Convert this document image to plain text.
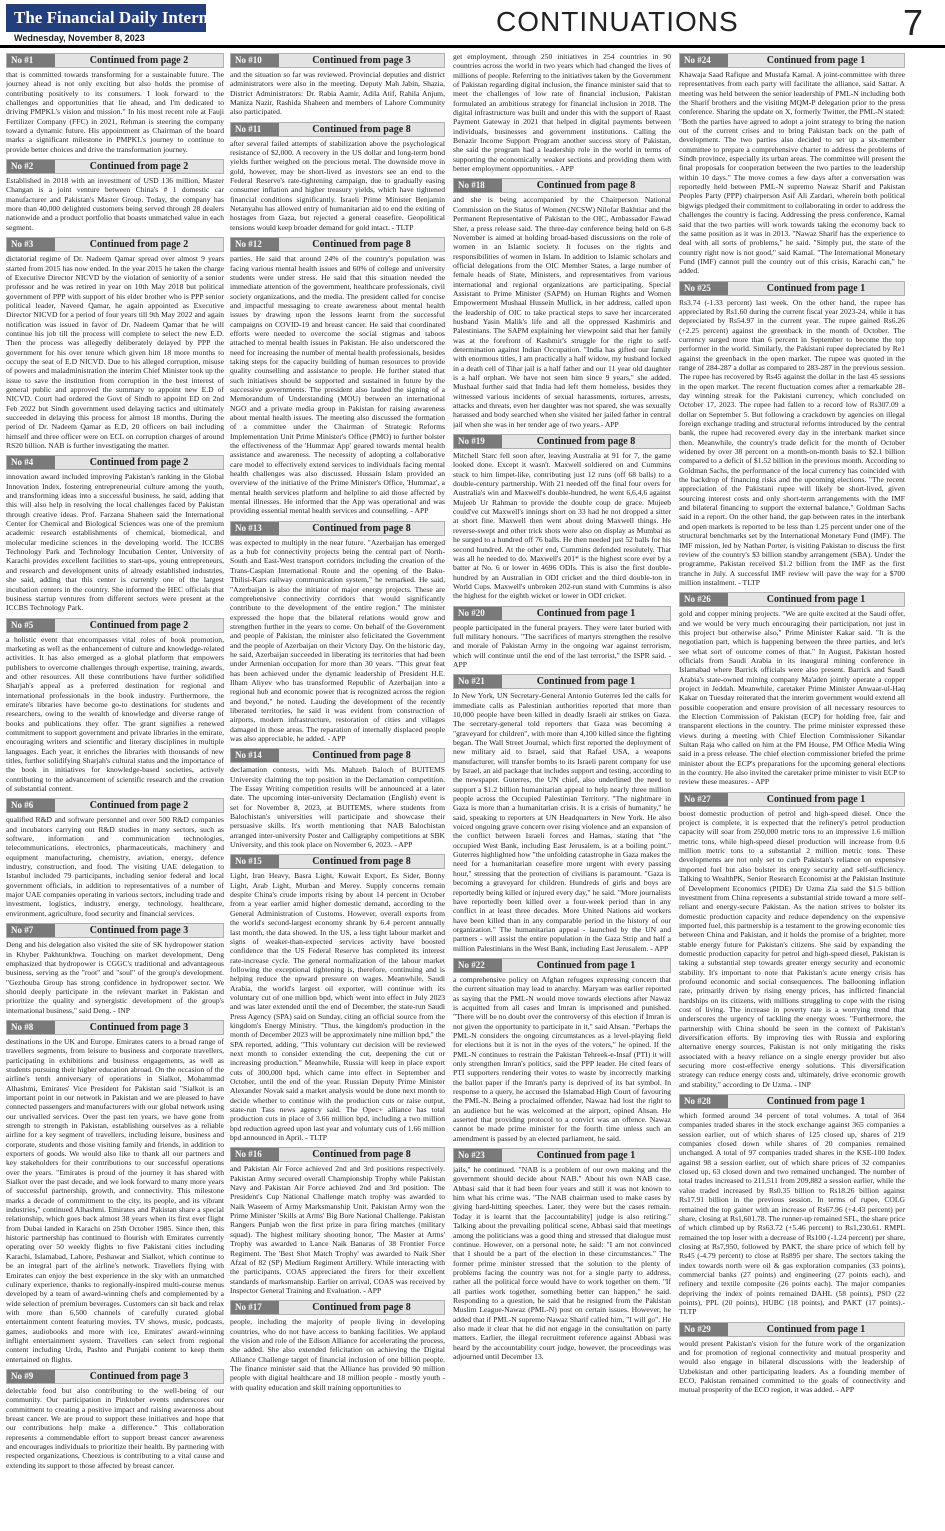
The Financial Daily International
Wednesday, November 8, 2023
CONTINUATIONS	7
No #1	Continued from page 2

that is committed towards transforming for a sustainable future. The journey ahead is not only exciting but also holds the promise of contributing positively to its consumers. I look forward to the challenges and opportunities that lie ahead, and I'm dedicated to driving PMPKL's vision and mission." In his most recent role at Fauji Fertilizer Company (FFC) in 2021, Rehman is steering the company toward a dynamic future. His appointment as Chairman of the board marks a significant milestone in PMPKL's journey to continue to provide better choices and drive the transformation journey.

No #2	Continued from page 2

Established in 2018 with an investment of USD 136 million, Master Changan is a joint venture between China's # 1 domestic car manufacturer and Pakistan's Master Group. Today, the company has more than 40,000 delighted customers being served through 28 dealers nationwide and a product portfolio that boasts unmatched value in each segment.

No #3	Continued from page 2

dictatorial regime of Dr. Nadeem Qamar spread over almost 9 years started from 2015 has now ended. In the year 2015 he taken the charge of Executive Director NICVD by the violation of seniority of a senior professor and he was retired in year on 10th May 2018 but political government of PPP with support of his elder brother who is PPP senior political leader, Naveed Qamar, he again appointed as Executive Director NICVD for a period of four years till 9th May 2022 and again notification was issued in favor of Dr. Nadeem Qamar that he will continue his job till the process will complete to select the new E.D. Then the process was allegedly deliberately delayed by PPP the government for his over tenure which given him 18 more months to occupy the seat of E.D NICVD. Due to his alleged corruption, misuse of powers and maladministration the interim Chief Minister took up the issue to save the institution from corruption in the best interest of general public and approved the summary to appoint new E.D of NICVD. Court had ordered the Govt of Sindh to appoint ED on 2nd Feb 2022 but Sindh government used delaying tactics and ultimately succeeded in delaying this process for almost 18 months. During the period of Dr. Nadeem Qamar as E.D, 20 officers on bail including himself and three officer were on ECL on corruption charges of around RS20 billion. NAB is further investigating the matter.

No #4	Continued from page 2

innovation award included improving Pakistan's ranking in the Global Innovation Index, fostering entrepreneurial culture among the youth, and transforming ideas into a successful business, he said, adding that this will also help in resolving the local challenges faced by Pakistan through creative ideas. Prof. Farzana Shaheen said the International Center for Chemical and Biological Sciences was one of the premium academic research establishments of chemical, biomedical, and molecular medicine sciences in the developing world. The ICCBS Technology Park and Technology Incubation Center, University of Karachi provides excellent facilities to start-ups, young entrepreneurs, and research and development units of already established industries, she said, adding that this center is currently one of the largest incubation centers in the country. She informed the HEC officials that business startup ventures from different sectors were present at the ICCBS Technology Park.

No #5	Continued from page 2

a holistic event that encompasses vital roles of book promotion, marketing as well as the enhancement of culture and knowledge-related activities. It has also emerged as a global platform that empowers publishers to overcome challenges through expertise, training, awards, and other resources. All these contributions have further solidified Sharjah's appeal as a preferred destination for regional and international professionals in the book industry. Furthermore, the emirate's libraries have become go-to destinations for students and researchers, owing to the wealth of knowledge and diverse range of books and publications they offer. The grant signifies a renewed commitment to support government and private libraries in the emirate, encouraging writers and scientific and literary disciplines in multiple languages. Each year, it enriches the libraries with thousands of new titles, further solidifying Sharjah's cultural status and the importance of the book in initiatives for knowledge-based societies, actively contributing to the advancement of scientific research and the creation of substantial content.

No #6	Continued from page 2

qualified R&D and software personnel and over 500 R&D companies and incubators carrying out R&D studies in many sectors, such as software, information and communication technologies, telecommunications, electronics, pharmaceuticals, machinery and equipment manufacturing, chemistry, aviation, energy, defence industry, construction, and food. The visiting UAE delegation to Istanbul included 79 participants, including senior federal and local government officials, in addition to representatives of a number of major UAE companies operating in various sectors, including trade and investment, logistics, industry, energy, technology, healthcare, environment, agriculture, food security and financial services.

No #7	Continued from page 3

Deng and his delegation also visited the site of SK hydropower station in Khyber Pakhtunkhwa. Touching on market development, Deng emphasized that hydropower is CGGC's traditional and advantageous business, serving as the "root" and "soul" of the group's development. "Gezhouba Group has strong confidence in hydropower sector. We should deeply participate in the relevant market in Pakistan and prioritize the quality and synergistic development of the group's international business," said Deng. - INP

No #8	Continued from page 3

destinations in the UK and Europe. Emirates caters to a broad range of travellers segments, from leisure to business and corporate travellers, participating in exhibitions and business engagements, as well as students pursuing their higher education abroad. On the occasion of the airline's tenth anniversary of operations in Sialkot, Mohammad Alhashmi, Emirates' Vice President for Pakistan said "Sialkot is an important point in our network in Pakistan and we are pleased to have connected passengers and manufacturers with our global network using our unrivalled services. Over the past ten years, we have gone from strength to strength in Pakistan, establishing ourselves as a reliable airline for a key segment of travellers, including leisure, business and corporate, students and those visiting family and friends, in addition to exporters of goods. We would also like to thank all our partners and key stakeholders for their contributions to our successful operations over the years. "Emirates is proud of the journey it has shared with Sialkot over the past decade, and we look forward to many more years of successful partnership, growth, and connectivity. This milestone marks a decade of commitment to the city, its people, and its vibrant industries," continued Alhashmi. Emirates and Pakistan share a special relationship, which goes back almost 38 years when its first ever flight from Dubai landed in Karachi on 25th October 1985. Since then, this historic partnership has continued to flourish with Emirates currently operating over 50 weekly flights to five Pakistani cities including Karachi, Islamabad, Lahore, Peshawar and Sialkot, which continue to be an integral part of the airline's network. Travellers flying with Emirates can enjoy the best experience in the sky with an unmatched culinary experience, thanks to regionally-inspired multi-course menus developed by a team of award-winning chefs and complemented by a wide selection of premium beverages. Customers can sit back and relax with more than 6,500 channels of carefully curated global entertainment content featuring movies, TV shows, music, podcasts, games, audiobooks and more with ice, Emirates' award-winning inflight entertainment system. Travellers can select from regional content including Urdu, Pashto and Punjabi content to keep them entertained on flights.

No #9	Continued from page 3

delectable food but also contributing to the well-being of our community. Our participation in Pinktober events underscores our commitment to creating a positive impact and raising awareness about breast cancer. We are proud to support these initiatives and hope that our contributions help make a difference." This collaboration represents a commendable effort to support breast cancer awareness and encourages individuals to prioritize their health. By partnering with respected organizations, Cheezious is contributing to a vital cause and extending its support to those affected by breast cancer.

No #10	Continued from page 3

and the situation so far was reviewed. Provincial deputies and district administrators were also in the meeting. Deputy Mah Jabin, Shazia, District Administrators: Dr. Rabia Aamir, Adila Atif, Rahila Anjum, Maniza Nazir, Rashida Shaheen and members of Lahore Community also participated.

No #11	Continued from page 8

after several failed attempts of stabilization above the psychological resistance of $2,000. A recovery in the US dollar and long-term bond yields further weighed on the precious metal. The downside move in gold, however, may be short-lived as investors see an end to the Federal Reserve's rate-tightening campaign, due to gradually easing consumer inflation and higher treasury yields, which have tightened financial conditions significantly. Israeli Prime Minister Benjamin Netanyahu has allowed entry of humanitarian aid to end the exiting of hostages from Gaza, but rejected a general ceasefire. Geopolitical tensions would keep broader demand for gold intact. - TLTP

No #12	Continued from page 8

parties. He said that around 24% of the country's population was facing various mental health issues and 60% of college and university students were under stress. He said that this situation needed the immediate attention of the government, healthcare professionals, civil society organizations, and the media. The president called for concise and impactful messaging to create awareness about mental health issues by drawing upon the lessons learnt from the successful campaigns on COVID-19 and breast cancer. He said that coordinated efforts were needed to overcome the social stigmas and taboos attached to mental health issues in Pakistan. He also underscored the need for increasing the number of mental health professionals, besides taking steps for the capacity building of human resources to provide quality counselling and assistance to people. He further stated that such initiatives should be supported and sustained in future by the successive governments. The president also lauded the signing of a Memorandum of Understanding (MOU) between an international NGO and a private media group in Pakistan for raising awareness about mental health issues. The meeting also discussed the formation of a committee under the Chairman of Strategic Reforms Implementation Unit Prime Minister's Office (PMO) to further bolster the effectiveness of the 'Hummaz App' geared towards mental health assistance and awareness. The necessity of adopting a collaborative care model to effectively extend services to individuals facing mental health challenges was also discussed. Hussain Islam provided an overview of the initiative of the Prime Minister's Office, 'Hummaz', a mental health services platform and helpline to aid those affected by mental illnesses. He informed that the App was operational and was providing essential mental health services and counselling. - APP

No #13	Continued from page 8

was expected to multiply in the near future. "Azerbaijan has emerged as a hub for connectivity projects being the central part of North-South and East-West transport corridors including the creation of the Trans-Caspian International Route and the opening of the Baku-Tbilisi-Kars railway communication system," he remarked. He said, "Azerbaijan is also the initiator of major energy projects. These are comprehensive connectivity corridors that would significantly contribute to the development of the entire region." The minister expressed the hope that the bilateral relations would grow and strengthen further in the years to come. On behalf of the Government and people of Pakistan, the minister also felicitated the Government and the people of Azerbaijan on their Victory Day. On the historic day, he said, Azerbaijan succeeded in liberating its territories that had been under Armenian occupation for more than 30 years. "This great feat has been achieved under the dynamic leadership of President H.E. Ilham Aliyev who has transformed Republic of Azerbaijan into a regional hub and economic power that is recognized across the region and beyond," he noted. Lauding the development of the recently liberated territories, he said it was evident from construction of airports, modern infrastructure, restoration of cities and villages damaged in those areas. The reparation of internally displaced people was also appreciable, he added. - APP

No #14	Continued from page 8

declamation contests, with Ms. Mahzeb Baloch of BUITEMS University claiming the top position in the Declamation competition. The Essay Writing competition results will be announced at a later date. The upcoming inter-university Declamation (English) event is set for November 8, 2023, at BUITEMS, where students from Balochistan's universities will participate and showcase their persuasive skills. It's worth mentioning that NAB Balochistan arranged inter-university Poster and Calligraphy competitions at SBK University, and this took place on November 6, 2023. - APP

No #15	Continued from page 8

Light, Iran Heavy, Basra Light, Kuwait Export, Es Sider, Bonny Light, Arab Light, Murban and Merey. Supply concerns remain despite China's crude imports rising by about 14 percent in October from a year earlier amid higher domestic demand, according to the General Administration of Customs. However, overall exports from the world's second-largest economy shrank by 6.4 percent annually last month, the data showed. In the US, a less tight labour market and signs of weaker-than-expected services activity have boosted confidence that the US Federal Reserve has completed its interest rate-increase cycle. The general normalization of the labour market following the exceptional tightening is, therefore, continuing and is helping reduce the upward pressure on wages. Meanwhile, Saudi Arabia, the world's largest oil exporter, will continue with its voluntary cut of one million bpd, which went into effect in July 2023 and was later extended until the end of December, the state-run Saudi Press Agency (SPA) said on Sunday, citing an official source from the kingdom's Energy Ministry. "Thus, the kingdom's production in the month of December 2023 will be approximately nine million bpd," the SPA reported, adding, "This voluntary cut decision will be reviewed next month to consider extending the cut, deepening the cut or increasing production." Meanwhile, Russia will keep in place export cuts of 300,000 bpd, which came into effect in September and October, until the end of the year. Russian Deputy Prime Minister Alexander Novak said a market analysis would be done next month to decide whether to continue with the production cuts or raise output, state-run Tass news agency said. The Opec+ alliance has total production cuts in place of 3.66 million bpd, including a two million bpd reduction agreed upon last year and voluntary cuts of 1.66 million bpd announced in April. - TLTP

No #16	Continued from page 8

and Pakistan Air Force achieved 2nd and 3rd positions respectively. Pakistan Army secured overall Championship Trophy while Pakistan Navy and Pakistan Air Force achieved 2nd and 3rd position. The President's Cup National Challenge match trophy was awarded to Naik Waseem of Army Marksmanship Unit. Pakistan Army won the Prime Minister 'Skills at Arms' Big Bore National Challenge. Pakistan Rangers Punjab won the first prize in para firing matches (military squad). The highest military shooting honor, 'The Master at Arms' Trophy was awarded to Lance Naik Banaras of 38 Frontier Force Regiment. The 'Best Shot Match Trophy' was awarded to Naik Sher Afzal of 82 (SP) Medium Regiment Artillery. While interacting with the participants, COAS appreciated the firers for their excellent standards of marksmanship. Earlier on arrival, COAS was received by Inspector General Training and Evaluation. - APP

No #17	Continued from page 8

people, including the majority of people living in developing countries, who do not have access to banking facilities. We applaud the vision and role of the Edison Alliance for accelerating the process, she added. She also extended felicitation on achieving the Digital Alliance Challenge target of financial inclusion of one billion people. The finance minister said that the Alliance has provided 90 million people with digital healthcare and 18 million people - mostly youth - with quality education and skill training opportunities to

get employment, through 250 initiatives in 254 countries in 90 countries across the world in two years which had changed the lives of millions of people. Referring to the initiatives taken by the Government of Pakistan regarding digital inclusion, the finance minister said that to meet the challenges of low rate of financial inclusion, Pakistan formulated an ambitious strategy for financial inclusion in 2018. The digital infrastructure was built and under this with the support of Raast Payment Gateway in 2021 that helped in digital payments between individuals, businesses and government institutions. Calling the Benazir Income Support Program another success story of Pakistan, she said the program had a leadership role in the world in terms of supporting the economically weaker sections and providing them with better employment opportunities. - APP

No #18	Continued from page 8

and she is being accompanied by the Chairperson National Commission on the Status of Women (NCSW) Nilofar Bakhtiar and the Permanent Representative of Pakistan to the OIC, Ambassador Fawad Sher, a press release said. The three-day conference being held on 6-8 November is aimed at holding broad-based discussions on the role of women in an Islamic society. It focuses on the rights and responsibilities of women in Islam. In addition to Islamic scholars and official delegations from the OIC Member States, a large number of female heads of State, Ministers, and representatives from various international and regional organizations are participating. Special Assistant to Prime Minister (SAPM) on Human Rights and Women Empowerment Mushaal Hussein Mullick, in her address, called upon the leadership of OIC to take practical steps to save her incarcerated husband Yasin Malik's life and all the oppressed Kashmiris and Palestinians. The SAPM explaining her viewpoint said that her family was at the forefront of Kashmir's struggle for the right to self-determination against Indian Occupation. "India has gifted our family with enormous titles, I am practically a half widow, my husband locked in a death cell of Tihar jail is a half father and our 11 year old daughter is a half orphan. We have not seen him since 9 years," she added. Mushaal further said that India had left them homeless, besides they witnessed various incidents of sexual harassments, tortures, arrests, attacks and threats, even her daughter was not spared, she was sexually harassed and body searched when she visited her jailed father in central jail when she was in her tender age of two years.- APP

No #19	Continued from page 8

Mitchell Starc fell soon after, leaving Australia at 91 for 7, the game looked done. Except it wasn't. Maxwell soldiered on and Cummins stuck to him limpet-like, contributing just 12 runs (off 68 balls) to a double-century partnership. With 21 needed off the final four overs for Australia's win and Maxwell's double-hundred, he went 6,6,4,6 against Mujeeb Ur Rahman to provide the double coup de grace. Mujeeb could've cut Maxwell's innings short on 33 had he not dropped a sitter at short fine. Maxwell then went about doing Maxwell things. He reverse-swept and other trick shots were also on display as Mumbai as he surged to a hundred off 76 balls. He then needed just 52 balls for his second hundred. At the other end, Cummins defended resolutely. That was all he needed to do. Maxwell's 201* is the highest score ever by a batter at No. 6 or lower in 4696 ODIs. This is also the first double-hundred by an Australian in ODI cricket and the third double-ton in World Cups. Maxwell's unbroken 202-run stand with Cummins is also the highest for the eighth wicket or lower in ODI cricket.

No #20	Continued from page 1

people participated in the funeral prayers. They were later buried with full military honours. "The sacrifices of martyrs strengthen the resolve and morale of Pakistan Army in the ongoing war against terrorism, which will continue until the end of the last terrorist," the ISPR said. - APP

No #21	Continued from page 1

In New York, UN Secretary-General Antonio Guterres led the calls for immediate calls as Palestinian authorities reported that more than 10,000 people have been killed in deadly Israeli air strikes on Gaza. The secretary-general told reporters that Gaza was becoming a "graveyard for children", with more than 4,100 killed since the fighting began. The Wall Street Journal, which first reported the deployment of new military aid to Israel, said that Rafael USA, a weapons manufacturer, will transfer bombs to its Israeli parent company for use by Israel, an aid package that includes support and testing, according to the newspaper. Guterres, the UN chief, also underlined the need to support a $1.2 billion humanitarian appeal to help nearly three million people across the Occupied Palestinian Territory. "The nightmare in Gaza is more than a humanitarian crisis. It is a crisis of humanity," he said, speaking to reporters at UN Headquarters in New York. He also voiced ongoing grave concern over rising violence and an expansion of the conflict between Israeli forces and Hamas, stating that "the occupied West Bank, including East Jerusalem, is at a boiling point." Guterres highlighted how "the unfolding catastrophe in Gaza makes the need for a humanitarian ceasefire more urgent with every passing hour," stressing that the protection of civilians is paramount. "Gaza is becoming a graveyard for children. Hundreds of girls and boys are reportedly being killed or injured every day," he said. "More journalists have reportedly been killed over a four-week period than in any conflict in at least three decades. More United Nations aid workers have been killed than in any comparable period in the history of our organization." The humanitarian appeal - launched by the UN and partners - will assist the entire population in the Gaza Strip and half a million Palestinians in the West Bank, including East Jerusalem. - APP

No #22	Continued from page 1

a comprehensive policy on Afghan refugees expressing concern that the current situation may lead to anarchy. Maryam was earlier reported as saying that the PML-N would move towards elections after Nawaz is acquitted from all cases and Imran is imprisoned and punished. "There will be no doubt over the controversy of this election if Imran is not given the opportunity to participate in it," said Ahsan. "Perhaps the PML-N considers the ongoing circumstances as a level-playing field for elections but it is not in the eyes of the voters," he opined. If the PML-N continues to restrain the Pakistan Tehreek-e-Insaf (PTI) it will only strengthen Imran's politics, said the PPP leader. He cited fears of PTI supporters rendering their votes to waste by incorrectly marking the ballot paper if the Imran's party is deprived of its bat symbol. In response to a query, he accused the Islamabad High Court of favouring the PML-N. Being a proclaimed offender, Nawaz had lost the right to an audience but he was welcomed at the airport, opined Ahsan. He asserted that providing protocol to a convict was an offence. Nawaz cannot be made prime minister for the fourth time unless such an amendment is passed by an elected parliament, he said.

No #23	Continued from page 1

jails," he continued. "NAB is a problem of our own making and the government should decide about NAB." About his own NAB case, Abbasi said that it had been four years and still it was not known to him what his crime was. "The NAB chairman used to make cases by giving hard-hitting speeches. Later, they were but the cases remain. Today it is learnt that the [accountability] judge is also retiring." Talking about the prevailing political scene, Abbasi said that meetings among the politicians was a good thing and stressed that dialogue must continue. However, on a personal note, he said: "I am not convinced that I should be a part of the election in these circumstances." The former prime minister stressed that the solution to the plenty of problems facing the country was not for a single party to address, rather all the political force would have to work together on them. "If all parties work together, something better can happen," he said. Responding to a question, he said that he resigned from the Pakistan Muslim League-Nawaz (PML-N) post on certain issues. However, he added that if PML-N supremo Nawaz Sharif called him, "I will go". He also made it clear that he did not engage in the consultation on party matters. Earlier, the illegal recruitment reference against Abbasi was heard by the accountability court judge, however, the proceedings was adjourned until December 13.

No #24	Continued from page 1

Khawaja Saad Rafique and Mustafa Kamal. A joint-committee with three representatives from each party will facilitate the alliance, said Sattar. A meeting was held between the senior leadership of PML-N including both the Sharif brothers and the visiting MQM-P delegation prior to the press conference. Sharing the update on X, formerly Twitter, the PML-N stated: "Both the parties have agreed to adopt a joint strategy to bring the nation out of the current crises and to bring Pakistan back on the path of development. The two parties also decided to set up a six-member committee to prepare a comprehensive charter to address the problems of Sindh province, especially its urban areas. The committee will present the final proposals for cooperation between the two parties to the leadership within 10 days." The move comes a few days after a conversation was reportedly held between PML-N supremo Nawaz Sharif and Pakistan Peoples Party (PPP) chairperson Asif Ali Zardari, wherein both political bigwigs pledged their commitment to collaborating in order to address the challenges the country is facing. Addressing the press conference, Kamal said that the two parties will work towards taking the economy back to the same position as it was in 2013. "Nawaz Sharif has the experience to deal with all sorts of problems," he said. "Simply put, the state of the country right now is not good," said Kamal. "The International Monetary Fund (IMF) cannot pull the country out of this crisis, Karachi can," he added.

No #25	Continued from page 1

Rs3.74 (-1.33 percent) last week. On the other hand, the rupee has appreciated by Rs1.60 during the current fiscal year 2023-24, while it has depreciated by Rs54.97 in the current year. The rupee gained Rs6.26 (+2.25 percent) against the greenback in the month of October. The currency surged more than 6 percent in September to become the top performer in the world. Similarly, the Pakistani rupee depreciated by Re1 against the greenback in the open market. The rupee was quoted in the range of 284-287 a dollar as compared to 283-287 in the previous session. The rupee has recovered by Rs45 against the dollar in the last 45 sessions in the open market. The recent fluctuation comes after a remarkable 28-day winning streak for the Pakistani currency, which concluded on October 17, 2023. The rupee had fallen to a record low of Rs307.09 a dollar on September 5. But following a crackdown by agencies on illegal foreign exchange trading and structural reforms introduced by the central bank, the rupee had recovered every day in the interbank market since then. Meanwhile, the country's trade deficit for the month of October widened by over 38 percent on a month-on-month basis to $2.1 billion compared to a deficit of $1.52 billion in the previous month. According to Goldman Sachs, the performance of the local currency has coincided with the backdrop of financing risks and the upcoming elections. "The recent appreciation of the Pakistani rupee will likely be short-lived, given sourcing interest costs and only short-term arrangements with the IMF and bilateral financing to support the external balance," Goldman Sachs said in a report. On the other hand, the gap between rates in the interbank and open markets is reported to be less than 1.25 percent under one of the structural benchmarks set by the International Monetary Fund (IMF). The IMF mission, led by Nathan Porter, is visiting Pakistan to discuss the first review of the country's $3 billion standby arrangement (SBA). Under the programme, Pakistan received $1.2 billion from the IMF as the first tranche in July. A successful IMF review will pave the way for a $700 million instalment. - TLTP

No #26	Continued from page 1

gold and copper mining projects. "We are quite excited at the Saudi offer, and we would be very much encouraging their participation, not just in this project but otherwise also," Prime Minister Kakar said. "It is the negotiation part, which is happening between the three parties, and let's see what sort of outcome comes of that." In August, Pakistan hosted officials from Saudi Arabia in its inaugural mining conference in Islamabad where Barrick officials were also present. Barrick and Saudi Arabia's state-owned mining company Ma'aden jointly operate a copper project in Jeddah. Meanwhile, caretaker Prime Minister Anwaar-ul-Haq Kakar on Tuesday reiterated that the interim government would extend all possible cooperation and ensure provision of all necessary resources to the Election Commission of Pakistan (ECP) for holding free, fair and transparent elections in the country. The prime minister expressed these views during a meeting with Chief Election Commissioner Sikandar Sultan Raja who called on him at the PM House, PM Office Media Wing said in a press release. The chief election commissioner briefed the prime minister about the ECP's preparations for the upcoming general elections in the country. He also invited the caretaker prime minister to visit ECP to review these measures. - APP

No #27	Continued from page 1

boost domestic production of petrol and high-speed diesel. Once the project is complete, it is expected that the refinery's petrol production capacity will soar from 250,000 metric tons to an impressive 1.6 million metric tons, while high-speed diesel production will increase from 0.6 million metric tons to a substantial 2 million metric tons. These developments are not only set to curb Pakistan's reliance on expensive imported fuel but also bolster its energy security and self-sufficiency. Talking to WealthPK, Senior Research Economist at the Pakistan Institute of Development Economics (PIDE) Dr Uzma Zia said the $1.5 billion investment from China represents a substantial stride toward a more self-reliant and energy-secure Pakistan. As the nation strives to bolster its domestic production capacity and reduce dependency on the expensive imported fuel, this partnership is a testament to the growing economic ties between China and Pakistan, and it holds the promise of a brighter, more stable energy future for Pakistan's citizens. She said by expanding the domestic production capacity for petrol and high-speed diesel, Pakistan is taking a substantial step towards greater energy security and economic stability. It's important to note that Pakistan's acute energy crisis has profound economic and social consequences. The ballooning inflation rate, primarily driven by rising energy prices, has inflicted financial hardships on its citizens, with millions struggling to cope with the rising cost of living. The increase in poverty rate is a worrying trend that underscores the urgency of tackling the energy woes. "Furthermore, the partnership with China should be seen in the context of Pakistan's diversification efforts. By improving ties with Russia and exploring alternative energy sources, Pakistan is not only mitigating the risks associated with a heavy reliance on a single energy provider but also securing more cost-effective energy solutions. This diversification strategy can reduce energy costs and, ultimately, drive economic growth and stability," according to Dr Uzma. - INP

No #28	Continued from page 1

which formed around 34 percent of total volumes. A total of 364 companies traded shares in the stock exchange against 365 companies a session earlier, out of which shares of 125 closed up, shares of 219 companies closed down while shares of 20 companies remained unchanged. A total of 97 companies traded shares in the KSE-100 Index against 98 a session earlier, out of which share prices of 32 companies closed up, 63 closed down and two remained unchanged. The number of total trades increased to 211,511 from 209,882 a session earlier, while the value traded increased by Rs0.35 billion to Rs18.26 billion against Rs17.91 billion in the previous session. In terms of rupee, COLG remained the top gainer with an increase of Rs67.96 (+4.43 percent) per share, closing at Rs1,601.78. The runner-up remained SFL, the share price of which climbed up by Rs63.72 (+5.46 percent) to Rs1,230.61. RMPL remained the top loser with a decrease of Rs100 (-1.24 percent) per share, closing at Rs7,950, followed by PAKT, the share price of which fell by Rs45 (-4.79 percent) to close at Rs895 per share. The sectors taking the index towards north were oil & gas exploration companies (33 points), commercial banks (27 points) and engineering (27 points each), and refinery and textile composite (26 points each). The major companies depriving the index of points remained DAHL (58 points), PSO (22 points), PPL (20 points), HUBC (18 points), and PAKT (17 points).- TLTP

No #29	Continued from page 1

would present Pakistan's vision for the future work of the organization and for promotion of regional connectivity and mutual prosperity and would also engage in bilateral discussions with the leadership of Uzbekistan and other participating leaders. As a founding member of ECO, Pakistan remained committed to the goals of connectivity and mutual prosperity of the ECO region, it was added. - APP
